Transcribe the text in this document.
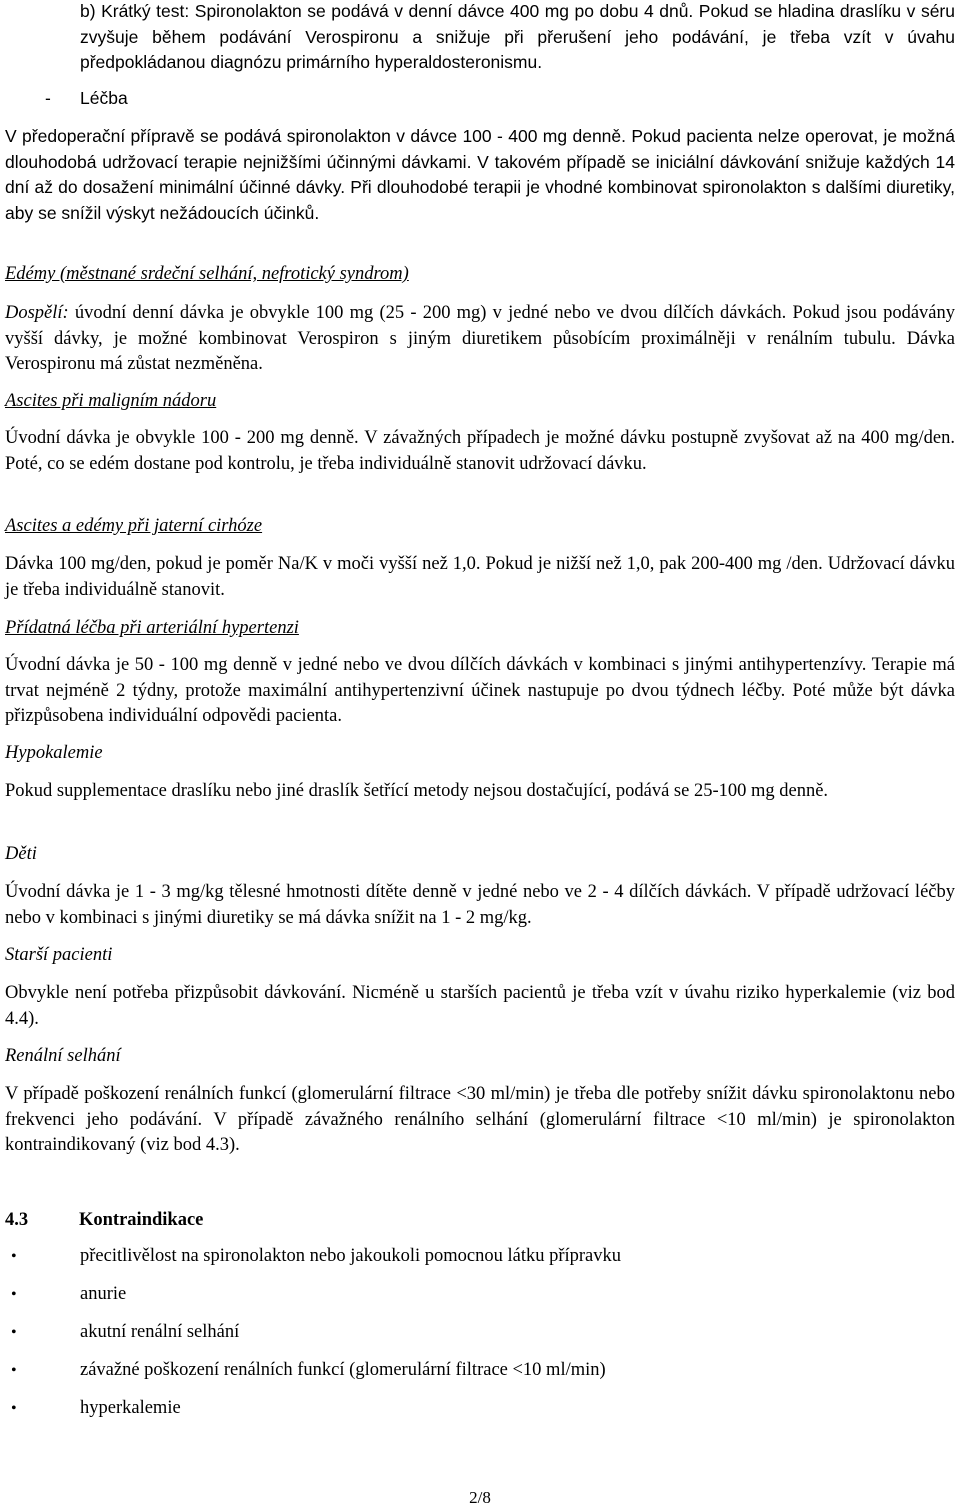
b) Krátký test: Spironolakton se podává v denní dávce 400 mg po dobu 4 dnů. Pokud se hladina draslíku v séru zvyšuje během podávání Verospironu a snižuje při přerušení jeho podávání, je třeba vzít v úvahu předpokládanou diagnózu primárního hyperaldosteronismu.

- Léčba

V předoperační přípravě se podává spironolakton v dávce 100 - 400 mg denně. Pokud pacienta nelze operovat, je možná dlouhodobá udržovací terapie nejnižšími účinnými dávkami. V takovém případě se iniciální dávkování snižuje každých 14 dní až do dosažení minimální účinné dávky. Při dlouhodobé terapii je vhodné kombinovat spironolakton s dalšími diuretiky, aby se snížil výskyt nežádoucích účinků.

Edémy (městnané srdeční selhání, nefrotický syndrom)

Dospělí: úvodní denní dávka je obvykle 100 mg (25 - 200 mg) v jedné nebo ve dvou dílčích dávkách. Pokud jsou podávány vyšší dávky, je možné kombinovat Verospiron s jiným diuretikem působícím proximálněji v renálním tubulu. Dávka Verospironu má zůstat nezměněna.

Ascites při maligním nádoru

Úvodní dávka je obvykle 100 - 200 mg denně. V závažných případech je možné dávku postupně zvyšovat až na 400 mg/den. Poté, co se edém dostane pod kontrolu, je třeba individuálně stanovit udržovací dávku.

Ascites a edémy při jaterní cirhóze

Dávka 100 mg/den, pokud je poměr Na/K v moči vyšší než 1,0. Pokud je nižší než 1,0, pak 200-400 mg /den. Udržovací dávku je třeba individuálně stanovit.

Přídatná léčba při arteriální hypertenzi

Úvodní dávka je 50 - 100 mg denně v jedné nebo ve dvou dílčích dávkách v kombinaci s jinými antihypertenzívy. Terapie má trvat nejméně 2 týdny, protože maximální antihypertenzivní účinek nastupuje po dvou týdnech léčby. Poté může být dávka přizpůsobena individuální odpovědi pacienta.

Hypokalemie

Pokud supplementace draslíku nebo jiné draslík šetřící metody nejsou dostačující, podává se 25-100 mg denně.

Děti

Úvodní dávka je 1 - 3 mg/kg tělesné hmotnosti dítěte denně v jedné nebo ve 2 - 4 dílčích dávkách. V případě udržovací léčby nebo v kombinaci s jinými diuretiky se má dávka snížit na 1 - 2 mg/kg.

Starší pacienti

Obvykle není potřeba přizpůsobit dávkování. Nicméně u starších pacientů je třeba vzít v úvahu riziko hyperkalemie (viz bod 4.4).

Renální selhání

V případě poškození renálních funkcí (glomerulární filtrace <30 ml/min) je třeba dle potřeby snížit dávku spironolaktonu nebo frekvenci jeho podávání. V případě závažného renálního selhání (glomerulární filtrace <10 ml/min) je spironolakton kontraindikovaný (viz bod 4.3).

4.3	Kontraindikace
•	přecitlivělost na spironolakton nebo jakoukoli pomocnou látku přípravku
•	anurie
•	akutní renální selhání
•	závažné poškození renálních funkcí (glomerulární filtrace <10 ml/min)
•	hyperkalemie
2/8
